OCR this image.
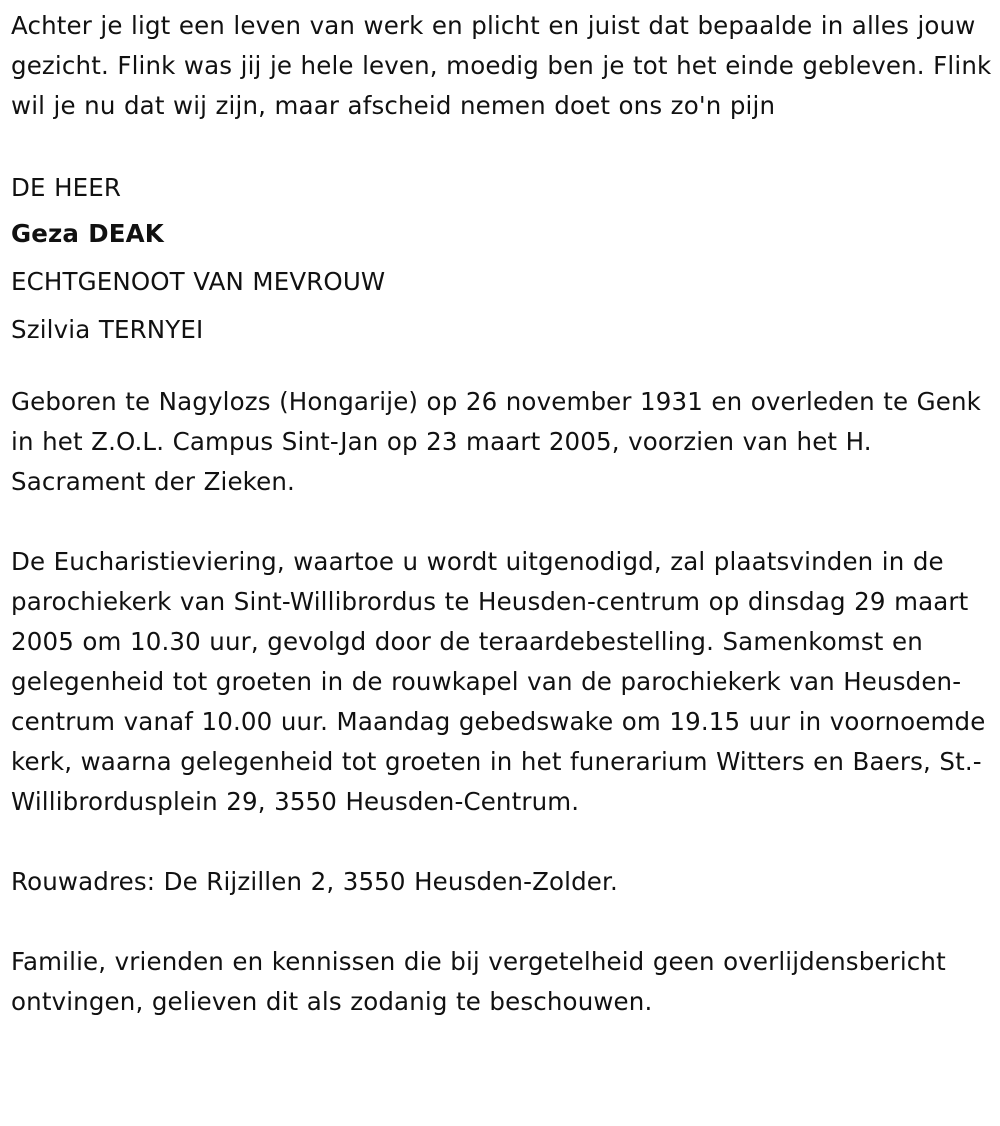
Achter je ligt een leven van werk en plicht en juist dat bepaalde in alles jouw gezicht. Flink was jij je hele leven, moedig ben je tot het einde gebleven. Flink wil je nu dat wij zijn, maar afscheid nemen doet ons zo'n pijn

DE HEER

Geza DEAK

ECHTGENOOT VAN MEVROUW

Szilvia TERNYEI

Geboren te Nagylozs (Hongarije) op 26 november 1931 en overleden te Genk in het Z.O.L. Campus Sint-Jan op 23 maart 2005, voorzien van het H. Sacrament der Zieken.

De Eucharistieviering, waartoe u wordt uitgenodigd, zal plaatsvinden in de parochiekerk van Sint-Willibrordus te Heusden-centrum op dinsdag 29 maart 2005 om 10.30 uur, gevolgd door de teraardebestelling. Samenkomst en gelegenheid tot groeten in de rouwkapel van de parochiekerk van Heusden-centrum vanaf 10.00 uur. Maandag gebedswake om 19.15 uur in voornoemde kerk, waarna gelegenheid tot groeten in het funerarium Witters en Baers, St.-Willibrordusplein 29, 3550 Heusden-Centrum.

Rouwadres: De Rijzillen 2, 3550 Heusden-Zolder.

Familie, vrienden en kennissen die bij vergetelheid geen overlijdensbericht ontvingen, gelieven dit als zodanig te beschouwen.
